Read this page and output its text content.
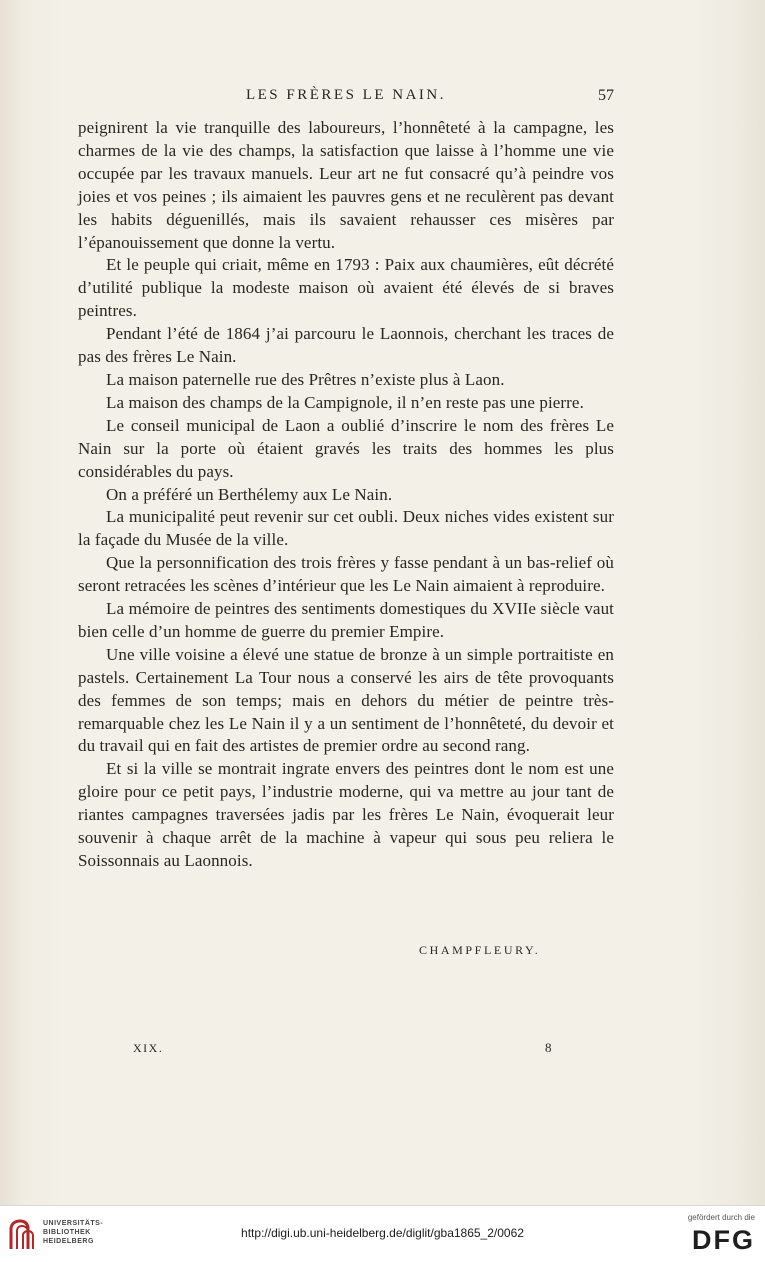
LES FRÈRES LE NAIN.	57

peignirent la vie tranquille des laboureurs, l’honnêteté à la campagne, les charmes de la vie des champs, la satisfaction que laisse à l’homme une vie occupée par les travaux manuels. Leur art ne fut consacré qu’à peindre vos joies et vos peines ; ils aimaient les pauvres gens et ne reculèrent pas devant les habits déguenillés, mais ils savaient rehausser ces misères par l’épanouissement que donne la vertu.

Et le peuple qui criait, même en 1793 : Paix aux chaumières, eût décrété d’utilité publique la modeste maison où avaient été élevés de si braves peintres.

Pendant l’été de 1864 j’ai parcouru le Laonnois, cherchant les traces de pas des frères Le Nain.

La maison paternelle rue des Prêtres n’existe plus à Laon.

La maison des champs de la Campignole, il n’en reste pas une pierre.

Le conseil municipal de Laon a oublié d’inscrire le nom des frères Le Nain sur la porte où étaient gravés les traits des hommes les plus considérables du pays.

On a préféré un Berthélemy aux Le Nain.

La municipalité peut revenir sur cet oubli. Deux niches vides existent sur la façade du Musée de la ville.

Que la personnification des trois frères y fasse pendant à un bas-relief où seront retracées les scènes d’intérieur que les Le Nain aimaient à reproduire.

La mémoire de peintres des sentiments domestiques du XVIIe siècle vaut bien celle d’un homme de guerre du premier Empire.

Une ville voisine a élevé une statue de bronze à un simple portraitiste en pastels. Certainement La Tour nous a conservé les airs de tête provoquants des femmes de son temps; mais en dehors du métier de peintre très-remarquable chez les Le Nain il y a un sentiment de l’honnêteté, du devoir et du travail qui en fait des artistes de premier ordre au second rang.

Et si la ville se montrait ingrate envers des peintres dont le nom est une gloire pour ce petit pays, l’industrie moderne, qui va mettre au jour tant de riantes campagnes traversées jadis par les frères Le Nain, évoquerait leur souvenir à chaque arrêt de la machine à vapeur qui sous peu reliera le Soissonnais au Laonnois.

CHAMPFLEURY.
XIX.	8
UNIVERSITÄTS-
BIBLIOTHEK
HEIDELBERG
http://digi.ub.uni-heidelberg.de/diglit/gba1865_2/0062
gefördert durch die
DFG
